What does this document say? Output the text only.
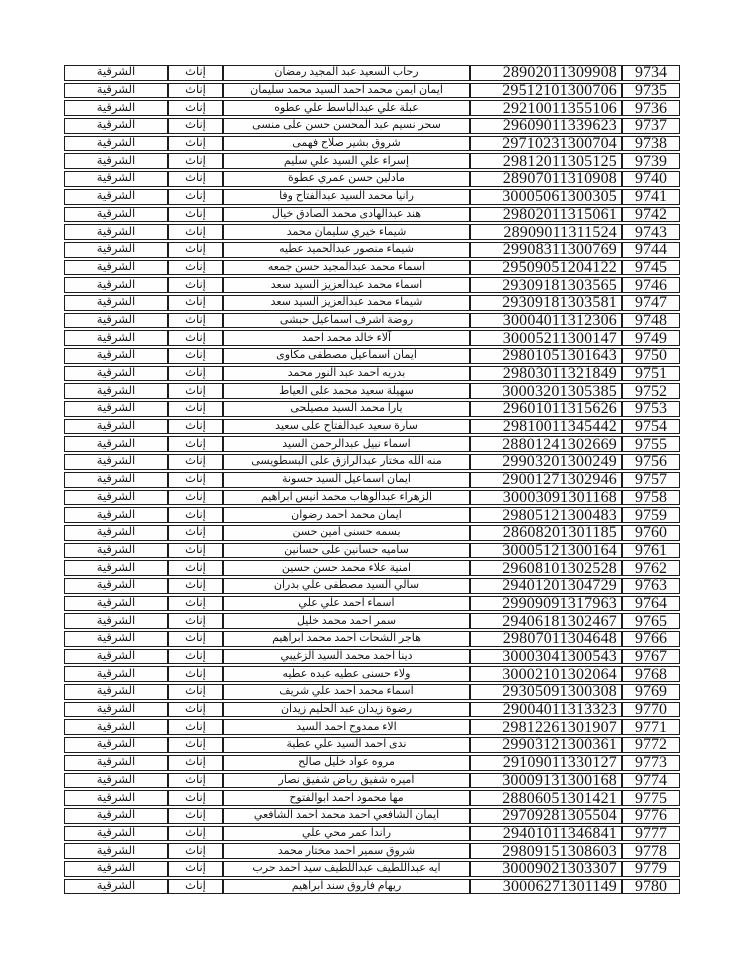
الشرقية	إناث	رحاب السعيد عبد المجيد رمضان	28902011309908	9734
الشرقية	إناث	ايمان ايمن محمد احمد السيد محمد سليمان	29512101300706	9735
الشرقية	إناث	عبلة علي عبدالباسط علي عطوه	29210011355106	9736
الشرقية	إناث	سحر نسيم عبد المحسن حسن على منسى	29609011339623	9737
الشرقية	إناث	شروق بشير صلاح فهمى	29710231300704	9738
الشرقية	إناث	إسراء علي السيد علي سليم	29812011305125	9739
الشرقية	إناث	مادلين حسن عمري عطوة	28907011310908	9740
الشرقية	إناث	رانيا محمد السيد عبدالفتاح وفا	30005061300305	9741
الشرقية	إناث	هند عبدالهادى محمد الصادق خيال	29802011315061	9742
الشرقية	إناث	شيماء خيري سليمان محمد	28909011311524	9743
الشرقية	إناث	شيماء منصور عبدالحميد عطيه	29908311300769	9744
الشرقية	إناث	اسماء محمد عبدالمجيد حسن جمعه	29509051204122	9745
الشرقية	إناث	اسماء محمد عبدالعزيز السيد سعد	29309181303565	9746
الشرقية	إناث	شيماء محمد عبدالعزيز السيد سعد	29309181303581	9747
الشرقية	إناث	روضة اشرف اسماعيل حبشى	30004011312306	9748
الشرقية	إناث	آلاء خالد محمد احمد	30005211300147	9749
الشرقية	إناث	ايمان اسماعيل مصطفى مكاوى	29801051301643	9750
الشرقية	إناث	بدريه احمد عبد النور محمد	29803011321849	9751
الشرقية	إناث	سهيلة سعيد محمد على العياط	30003201305385	9752
الشرقية	إناث	يارا محمد السيد مصيلحى	29601011315626	9753
الشرقية	إناث	سارة سعيد عبدالفتاح على سعيد	29810011345442	9754
الشرقية	إناث	اسماء نبيل عبدالرحمن السيد	28801241302669	9755
الشرقية	إناث	منه الله مختار عبدالرازق على البسطويسى	29903201300249	9756
الشرقية	إناث	ايمان اسماعيل السيد حسونة	29001271302946	9757
الشرقية	إناث	الزهراء عبدالوهاب محمد انيس ابراهيم	30003091301168	9758
الشرقية	إناث	ايمان محمد احمد رضوان	29805121300483	9759
الشرقية	إناث	بسمه حسنى امين حسن	28608201301185	9760
الشرقية	إناث	ساميه حسانين على حسانين	30005121300164	9761
الشرقية	إناث	امنية علاء محمد حسن حسين	29608101302528	9762
الشرقية	إناث	سالي السيد مصطفى علي بدران	29401201304729	9763
الشرقية	إناث	اسماء احمد علي علي	29909091317963	9764
الشرقية	إناث	سمر احمد محمد خليل	29406181302467	9765
الشرقية	إناث	هاجر الشحات احمد محمد ابراهيم	29807011304648	9766
الشرقية	إناث	دينا احمد محمد السيد الزغيبي	30003041300543	9767
الشرقية	إناث	ولاء حسنى عطيه عبده عطيه	30002101302064	9768
الشرقية	إناث	اسماء محمد احمد علي شريف	29305091300308	9769
الشرقية	إناث	رضوة زيدان عبد الحليم زيدان	29004011313323	9770
الشرقية	إناث	الاء ممدوح احمد السيد	29812261301907	9771
الشرقية	إناث	ندى احمد السيد علي عطية	29903121300361	9772
الشرقية	إناث	مروه عواد خليل صالح	29109011330127	9773
الشرقية	إناث	اميره شفيق رياض شفيق نصار	30009131300168	9774
الشرقية	إناث	مها محمود احمد ابوالفتوح	28806051301421	9775
الشرقية	إناث	ايمان الشافعي احمد محمد احمد الشافعي	29709281305504	9776
الشرقية	إناث	راندا عمر محي علي	29401011346841	9777
الشرقية	إناث	شروق سمير احمد مختار محمد	29809151308603	9778
الشرقية	إناث	ايه عبداللطيف عبداللطيف سيد احمد حرب	30009021303307	9779
الشرقية	إناث	ريهام فاروق سند ابراهيم	30006271301149	9780
